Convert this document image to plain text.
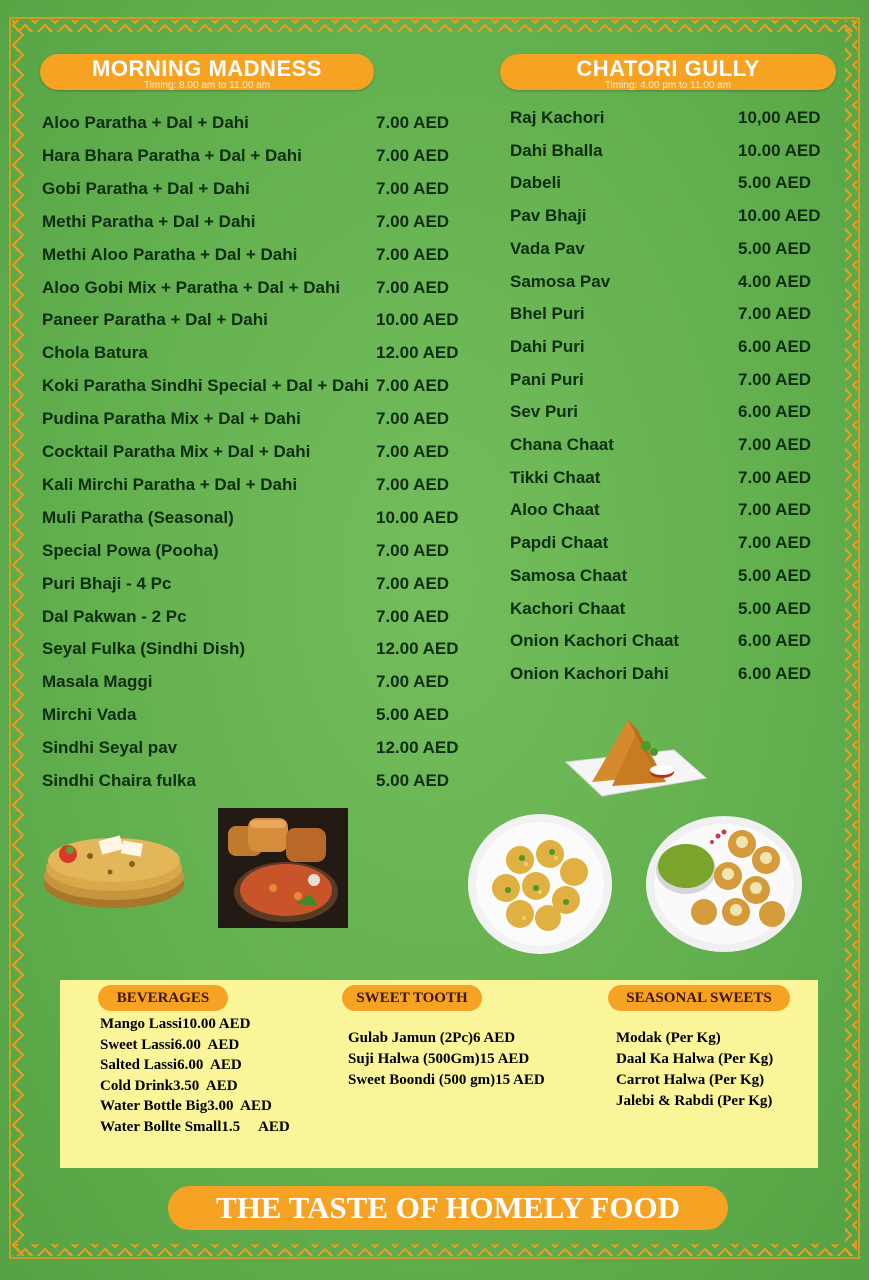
MORNING MADNESS
Timing: 8.00 am to 11.00 am
CHATORI GULLY
Timing: 4.00 pm to 11.00 am
Aloo Paratha + Dal + Dahi	7.00 AED
Hara Bhara Paratha + Dal + Dahi	7.00 AED
Gobi Paratha + Dal + Dahi	7.00 AED
Methi Paratha + Dal + Dahi	7.00 AED
Methi Aloo Paratha + Dal + Dahi	7.00 AED
Aloo Gobi Mix + Paratha + Dal + Dahi 7.00 AED
Paneer Paratha + Dal + Dahi	10.00 AED
Chola Batura	12.00 AED
Koki Paratha Sindhi Special + Dal + Dahi 7.00 AED
Pudina Paratha Mix + Dal + Dahi	7.00 AED
Cocktail Paratha Mix + Dal + Dahi	7.00 AED
Kali Mirchi Paratha + Dal + Dahi	7.00 AED
Muli Paratha (Seasonal)	10.00 AED
Special Powa (Pooha)	7.00 AED
Puri Bhaji - 4 Pc	7.00 AED
Dal Pakwan - 2 Pc	7.00 AED
Seyal Fulka (Sindhi Dish)	12.00 AED
Masala Maggi	7.00 AED
Mirchi Vada	5.00 AED
Sindhi Seyal pav	12.00 AED
Sindhi Chaira fulka	5.00 AED
Raj Kachori	10,00 AED
Dahi Bhalla	10.00 AED
Dabeli	5.00 AED
Pav Bhaji	10.00 AED
Vada Pav	5.00 AED
Samosa Pav	4.00 AED
Bhel Puri	7.00 AED
Dahi Puri	6.00 AED
Pani Puri	7.00 AED
Sev Puri	6.00 AED
Chana Chaat	7.00 AED
Tikki Chaat	7.00 AED
Aloo Chaat	7.00 AED
Papdi Chaat	7.00 AED
Samosa Chaat	5.00 AED
Kachori Chaat	5.00 AED
Onion Kachori Chaat	6.00 AED
Onion Kachori Dahi	6.00 AED
BEVERAGES	SWEET TOOTH	SEASONAL SWEETS
Mango Lassi10.00 AED
Sweet Lassi6.00  AED
Salted Lassi6.00  AED
Cold Drink3.50  AED
Water Bottle Big3.00  AED
Water Bollte Small1.5     AED
Gulab Jamun (2Pc)6 AED
Suji Halwa (500Gm)15 AED
Sweet Boondi (500 gm)15 AED
Modak (Per Kg)
Daal Ka Halwa (Per Kg)
Carrot Halwa (Per Kg)
Jalebi & Rabdi (Per Kg)
THE TASTE OF HOMELY FOOD
